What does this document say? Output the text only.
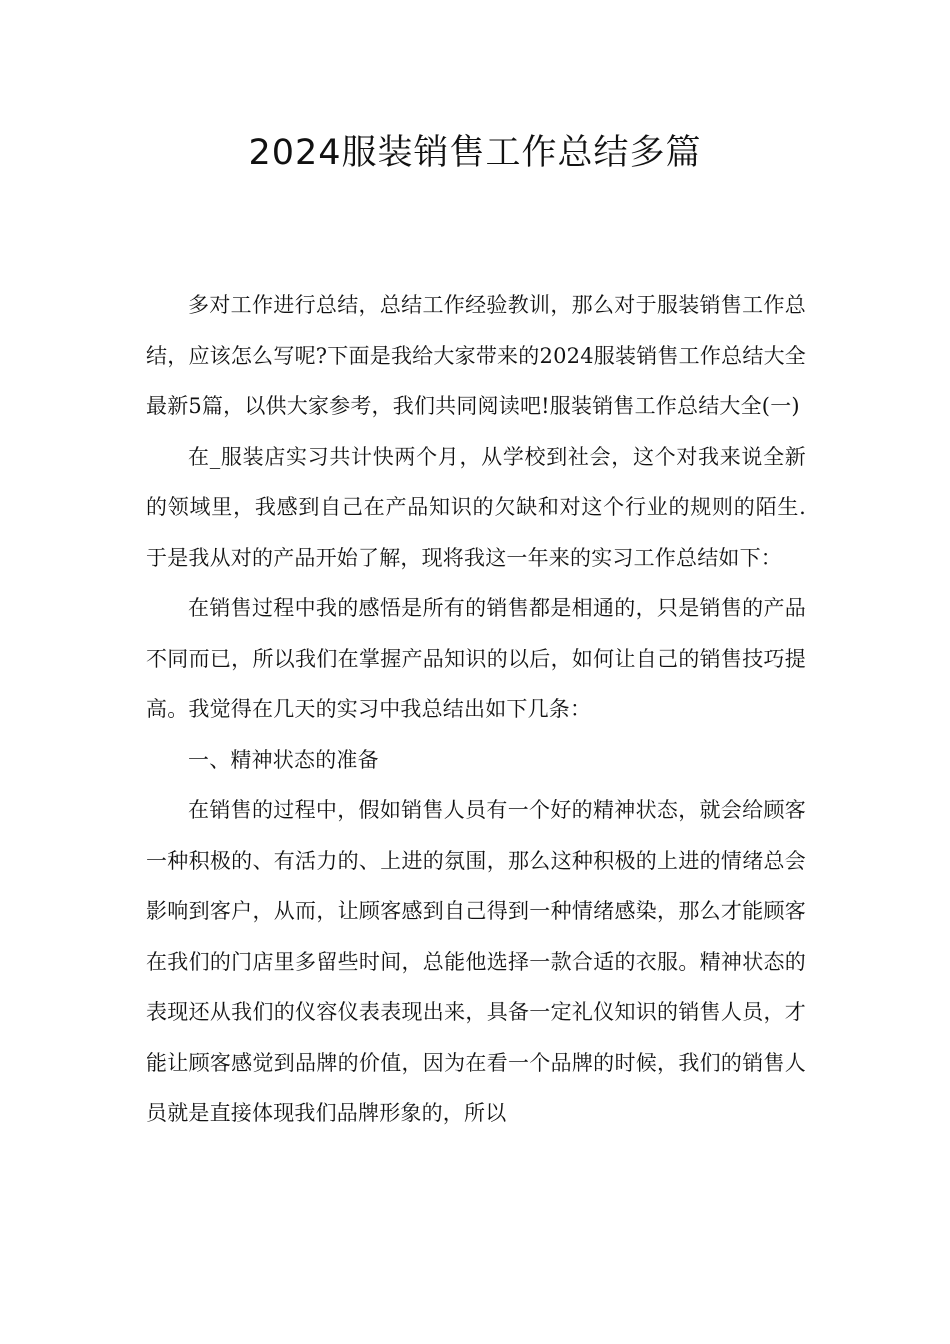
2024服装销售工作总结多篇

多对工作进行总结，总结工作经验教训，那么对于服装销售工作总结，应该怎么写呢?下面是我给大家带来的2024服装销售工作总结大全最新5篇，以供大家参考，我们共同阅读吧!服装销售工作总结大全(一)

在_服装店实习共计快两个月，从学校到社会，这个对我来说全新的领域里，我感到自己在产品知识的欠缺和对这个行业的规则的陌生.于是我从对的产品开始了解，现将我这一年来的实习工作总结如下：

在销售过程中我的感悟是所有的销售都是相通的，只是销售的产品不同而已，所以我们在掌握产品知识的以后，如何让自己的销售技巧提高。我觉得在几天的实习中我总结出如下几条：

一、精神状态的准备

在销售的过程中，假如销售人员有一个好的精神状态，就会给顾客一种积极的、有活力的、上进的氛围，那么这种积极的上进的情绪总会影响到客户，从而，让顾客感到自己得到一种情绪感染，那么才能顾客在我们的门店里多留些时间，总能他选择一款合适的衣服。精神状态的表现还从我们的仪容仪表表现出来，具备一定礼仪知识的销售人员，才能让顾客感觉到品牌的价值，因为在看一个品牌的时候，我们的销售人员就是直接体现我们品牌形象的，所以
